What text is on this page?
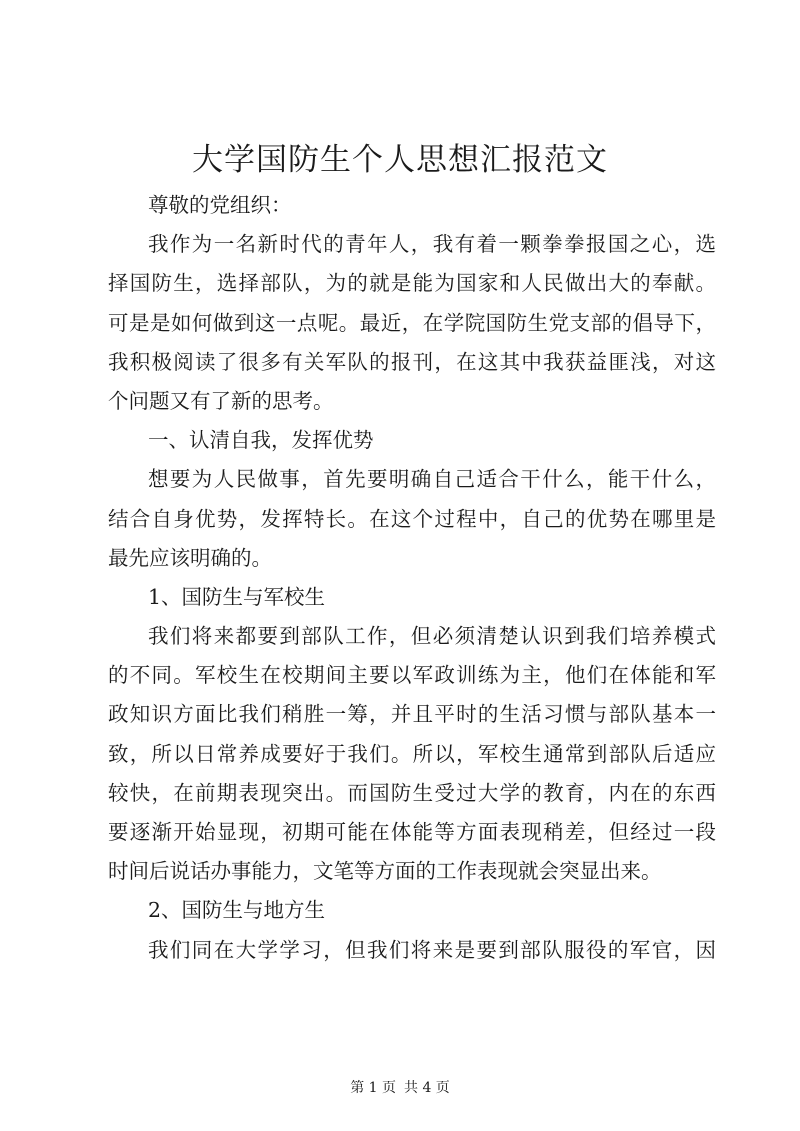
大学国防生个人思想汇报范文
尊敬的党组织：
我作为一名新时代的青年人，我有着一颗拳拳报国之心，选
择国防生，选择部队，为的就是能为国家和人民做出大的奉献。
可是是如何做到这一点呢。最近，在学院国防生党支部的倡导下，
我积极阅读了很多有关军队的报刊，在这其中我获益匪浅，对这
个问题又有了新的思考。
一、认清自我，发挥优势
想要为人民做事，首先要明确自己适合干什么，能干什么，
结合自身优势，发挥特长。在这个过程中，自己的优势在哪里是
最先应该明确的。
1、国防生与军校生
我们将来都要到部队工作，但必须清楚认识到我们培养模式
的不同。军校生在校期间主要以军政训练为主，他们在体能和军
政知识方面比我们稍胜一筹，并且平时的生活习惯与部队基本一
致，所以日常养成要好于我们。所以，军校生通常到部队后适应
较快，在前期表现突出。而国防生受过大学的教育，内在的东西
要逐渐开始显现，初期可能在体能等方面表现稍差，但经过一段
时间后说话办事能力，文笔等方面的工作表现就会突显出来。
2、国防生与地方生
我们同在大学学习，但我们将来是要到部队服役的军官，因
第 1 页 共 4 页
